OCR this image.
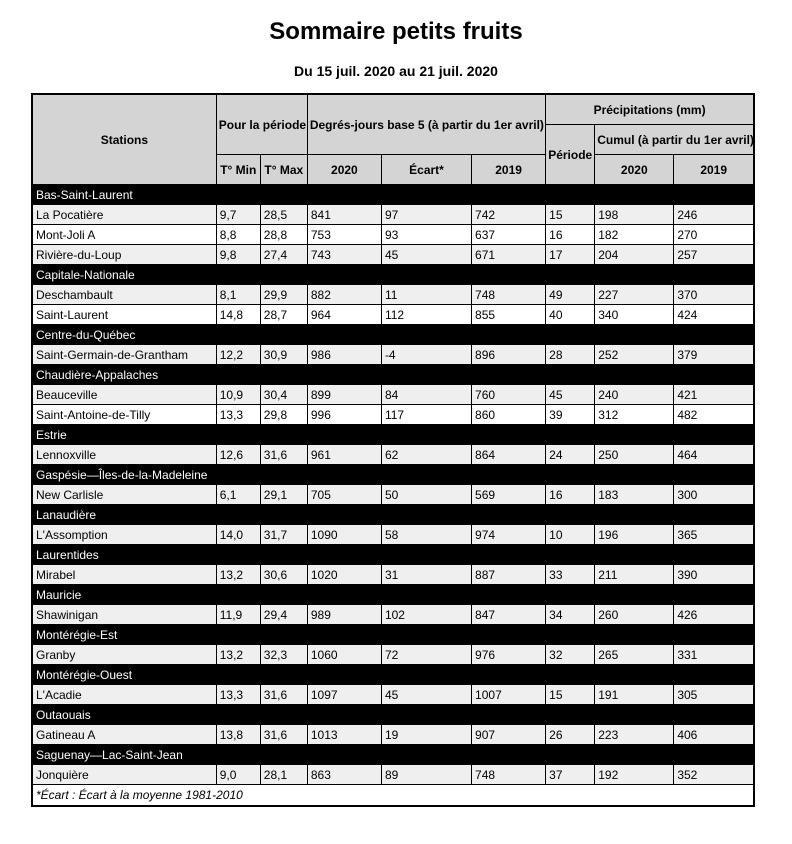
Sommaire petits fruits
Du 15 juil. 2020 au 21 juil. 2020
Stations	Pour la période		Degrés-jours base 5 (à partir du 1er avril)			Précipitations (mm)		
						Période	Cumul (à partir du 1er avril)	
	T° Min	T° Max	2020	Écart*	2019		2020	2019
Bas-Saint-Laurent								
La Pocatière	9,7	28,5	841	97	742	15	198	246
Mont-Joli A	8,8	28,8	753	93	637	16	182	270
Rivière-du-Loup	9,8	27,4	743	45	671	17	204	257
Capitale-Nationale								
Deschambault	8,1	29,9	882	11	748	49	227	370
Saint-Laurent	14,8	28,7	964	112	855	40	340	424
Centre-du-Québec								
Saint-Germain-de-Grantham	12,2	30,9	986	-4	896	28	252	379
Chaudière-Appalaches								
Beauceville	10,9	30,4	899	84	760	45	240	421
Saint-Antoine-de-Tilly	13,3	29,8	996	117	860	39	312	482
Estrie								
Lennoxville	12,6	31,6	961	62	864	24	250	464
Gaspésie—Îles-de-la-Madeleine								
New Carlisle	6,1	29,1	705	50	569	16	183	300
Lanaudière								
L'Assomption	14,0	31,7	1090	58	974	10	196	365
Laurentides								
Mirabel	13,2	30,6	1020	31	887	33	211	390
Mauricie								
Shawinigan	11,9	29,4	989	102	847	34	260	426
Montérégie-Est								
Granby	13,2	32,3	1060	72	976	32	265	331
Montérégie-Ouest								
L'Acadie	13,3	31,6	1097	45	1007	15	191	305
Outaouais								
Gatineau A	13,8	31,6	1013	19	907	26	223	406
Saguenay—Lac-Saint-Jean								
Jonquière	9,0	28,1	863	89	748	37	192	352
*Écart : Écart à la moyenne 1981-2010								
